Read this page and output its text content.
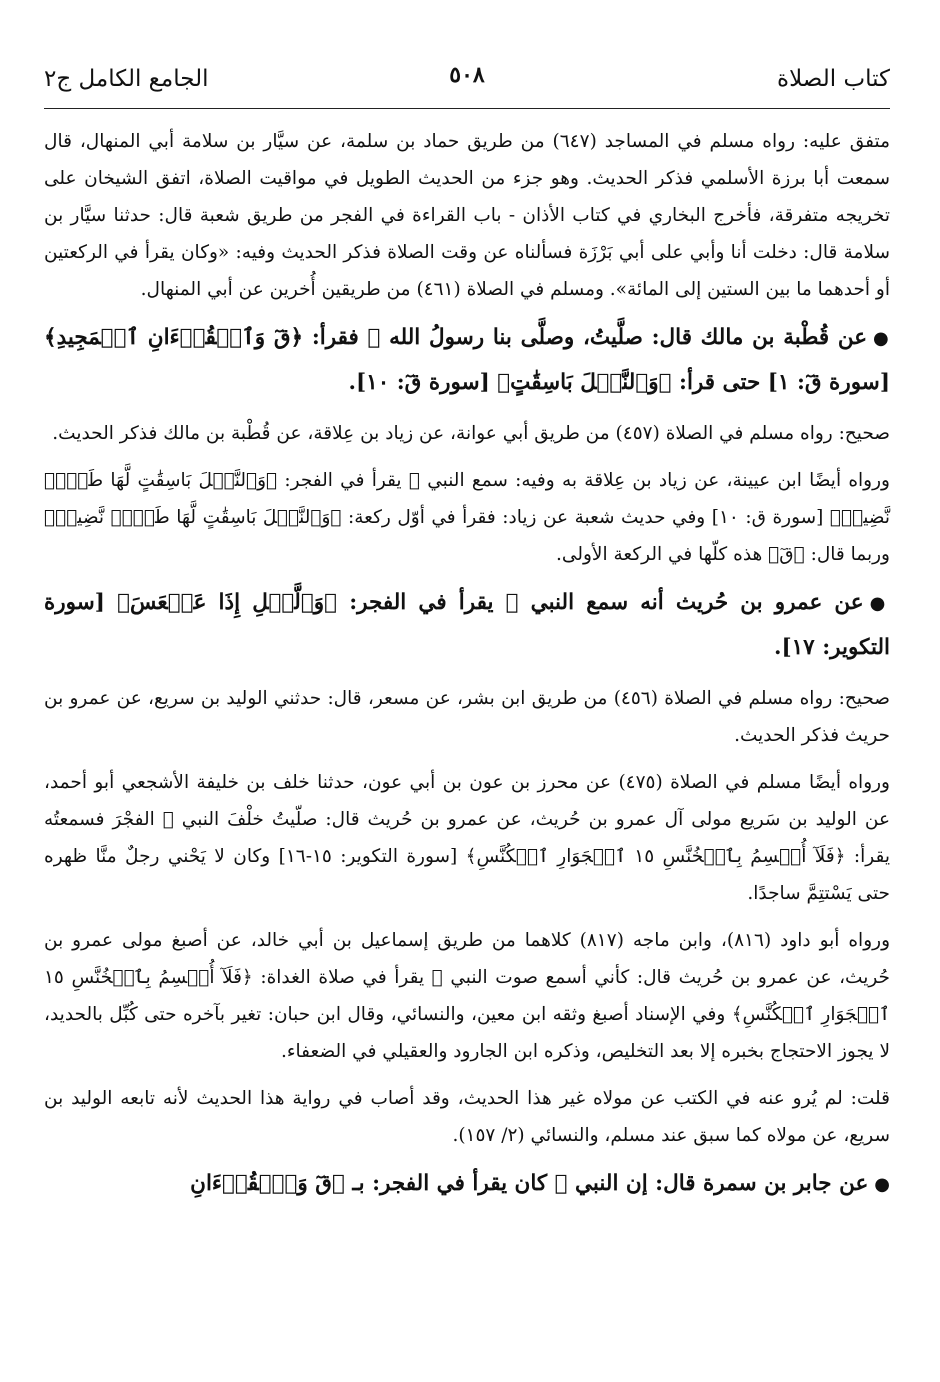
كتاب الصلاة
٥٠٨
الجامع الكامل ج٢

متفق عليه: رواه مسلم في المساجد (٦٤٧) من طريق حماد بن سلمة، عن سيَّار بن سلامة أبي المنهال، قال سمعت أبا برزة الأسلمي فذكر الحديث. وهو جزء من الحديث الطويل في مواقيت الصلاة، اتفق الشيخان على تخريجه متفرقة، فأخرج البخاري في كتاب الأذان - باب القراءة في الفجر من طريق شعبة قال: حدثنا سيَّار بن سلامة قال: دخلت أنا وأبي على أبي بَرْزَة فسألناه عن وقت الصلاة فذكر الحديث وفيه: «وكان يقرأ في الركعتين أو أحدهما ما بين الستين إلى المائة». ومسلم في الصلاة (٤٦١) من طريقين أُخرين عن أبي المنهال.

●عن قُطْبة بن مالك قال: صلَّيتُ، وصلَّى بنا رسولُ الله ﷺ فقرأ: ﴿قٓ وَٱلۡقُرۡءَانِ ٱلۡمَجِيدِ﴾ [سورة قٓ: ١] حتى قرأ: ﴿وَٱلنَّخۡلَ بَاسِقَٰتٍ﴾ [سورة قٓ: ١٠].

صحيح: رواه مسلم في الصلاة (٤٥٧) من طريق أبي عوانة، عن زياد بن عِلاقة، عن قُطْبة بن مالك فذكر الحديث.

ورواه أيضًا ابن عيينة، عن زياد بن عِلاقة به وفيه: سمع النبي ﷺ يقرأ في الفجر: ﴿وَٱلنَّخۡلَ بَاسِقَٰتٍ لَّهَا طَلۡعٞ نَّضِيدٞ﴾ [سورة ق: ١٠] وفي حديث شعبة عن زياد: فقرأ في أوّل ركعة: ﴿وَٱلنَّخۡلَ بَاسِقَٰتٍ لَّهَا طَلۡعٞ نَّضِيدٞ﴾ وربما قال: ﴿قٓ﴾ هذه كلّها في الركعة الأولى.

●عن عمرو بن حُريث أنه سمع النبي ﷺ يقرأ في الفجر: ﴿وَٱلَّيۡلِ إِذَا عَسۡعَسَ﴾ [سورة التكوير: ١٧].

صحيح: رواه مسلم في الصلاة (٤٥٦) من طريق ابن بشر، عن مسعر، قال: حدثني الوليد بن سريع، عن عمرو بن حريث فذكر الحديث.

ورواه أيضًا مسلم في الصلاة (٤٧٥) عن محرز بن عون بن أبي عون، حدثنا خلف بن خليفة الأشجعي أبو أحمد، عن الوليد بن سَريع مولى آل عمرو بن حُريث، عن عمرو بن حُريث قال: صلّيتُ خلْفَ النبي ﷺ الفجْرَ فسمعتُه يقرأ: ﴿فَلَآ أُقۡسِمُ بِٱلۡخُنَّسِ ١٥ ٱلۡجَوَارِ ٱلۡكُنَّسِ﴾ [سورة التكوير: ١٥-١٦] وكان لا يَحْني رجلٌ منَّا ظهره حتى يَسْتتِمَّ ساجدًا.

ورواه أبو داود (٨١٦)، وابن ماجه (٨١٧) كلاهما من طريق إسماعيل بن أبي خالد، عن أصبغ مولى عمرو بن حُريث، عن عمرو بن حُريث قال: كأني أسمع صوت النبي ﷺ يقرأ في صلاة الغداة: ﴿فَلَآ أُقۡسِمُ بِٱلۡخُنَّسِ ١٥ ٱلۡجَوَارِ ٱلۡكُنَّسِ﴾ وفي الإسناد أصبغ وثقه ابن معين، والنسائي، وقال ابن حبان: تغير بآخره حتى كُبِّل بالحديد، لا يجوز الاحتجاج بخبره إلا بعد التخليص، وذكره ابن الجارود والعقيلي في الضعفاء.

قلت: لم يُرو عنه في الكتب عن مولاه غير هذا الحديث، وقد أصاب في رواية هذا الحديث لأنه تابعه الوليد بن سريع، عن مولاه كما سبق عند مسلم، والنسائي (٢/ ١٥٧).

●عن جابر بن سمرة قال: إن النبي ﷺ كان يقرأ في الفجر: بـ ﴿قٓ وَٱلۡقُرۡءَانِ
